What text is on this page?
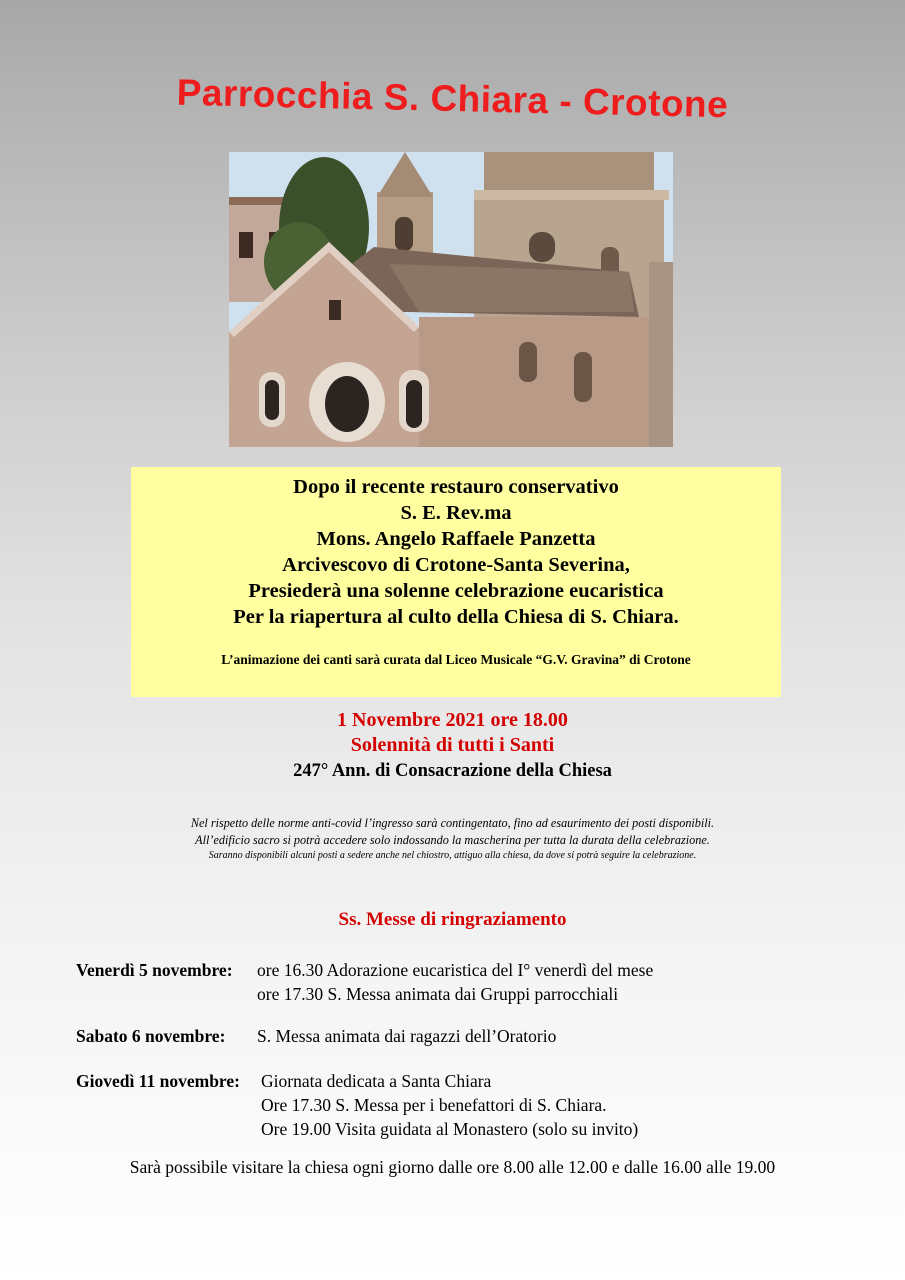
Parrocchia S. Chiara - Crotone
Dopo il recente restauro conservativo
S. E. Rev.ma
Mons. Angelo Raffaele Panzetta
Arcivescovo di Crotone-Santa Severina,
Presiederà una solenne celebrazione eucaristica
Per la riapertura al culto della Chiesa di S. Chiara.
L’animazione dei canti sarà curata dal Liceo Musicale “G.V. Gravina” di Crotone
1 Novembre 2021 ore 18.00
Solennità di tutti i Santi
247° Ann. di Consacrazione della Chiesa
Nel rispetto delle norme anti-covid l’ingresso sarà contingentato, fino ad esaurimento dei posti disponibili.
All’edificio sacro si potrà accedere solo indossando la mascherina per tutta la durata della celebrazione.
Saranno disponibili alcuni posti a sedere anche nel chiostro, attiguo alla chiesa, da dove si potrà seguire la celebrazione.
Ss. Messe di ringraziamento
Venerdì 5 novembre: ore 16.30 Adorazione eucaristica del I° venerdì del mese
ore 17.30 S. Messa animata dai Gruppi parrocchiali
Sabato 6 novembre: S. Messa animata dai ragazzi dell’Oratorio
Giovedì 11 novembre: Giornata dedicata a Santa Chiara
Ore 17.30 S. Messa per i benefattori di S. Chiara.
Ore 19.00 Visita guidata al Monastero (solo su invito)
Sarà possibile visitare la chiesa ogni giorno dalle ore 8.00 alle 12.00 e dalle 16.00 alle 19.00
